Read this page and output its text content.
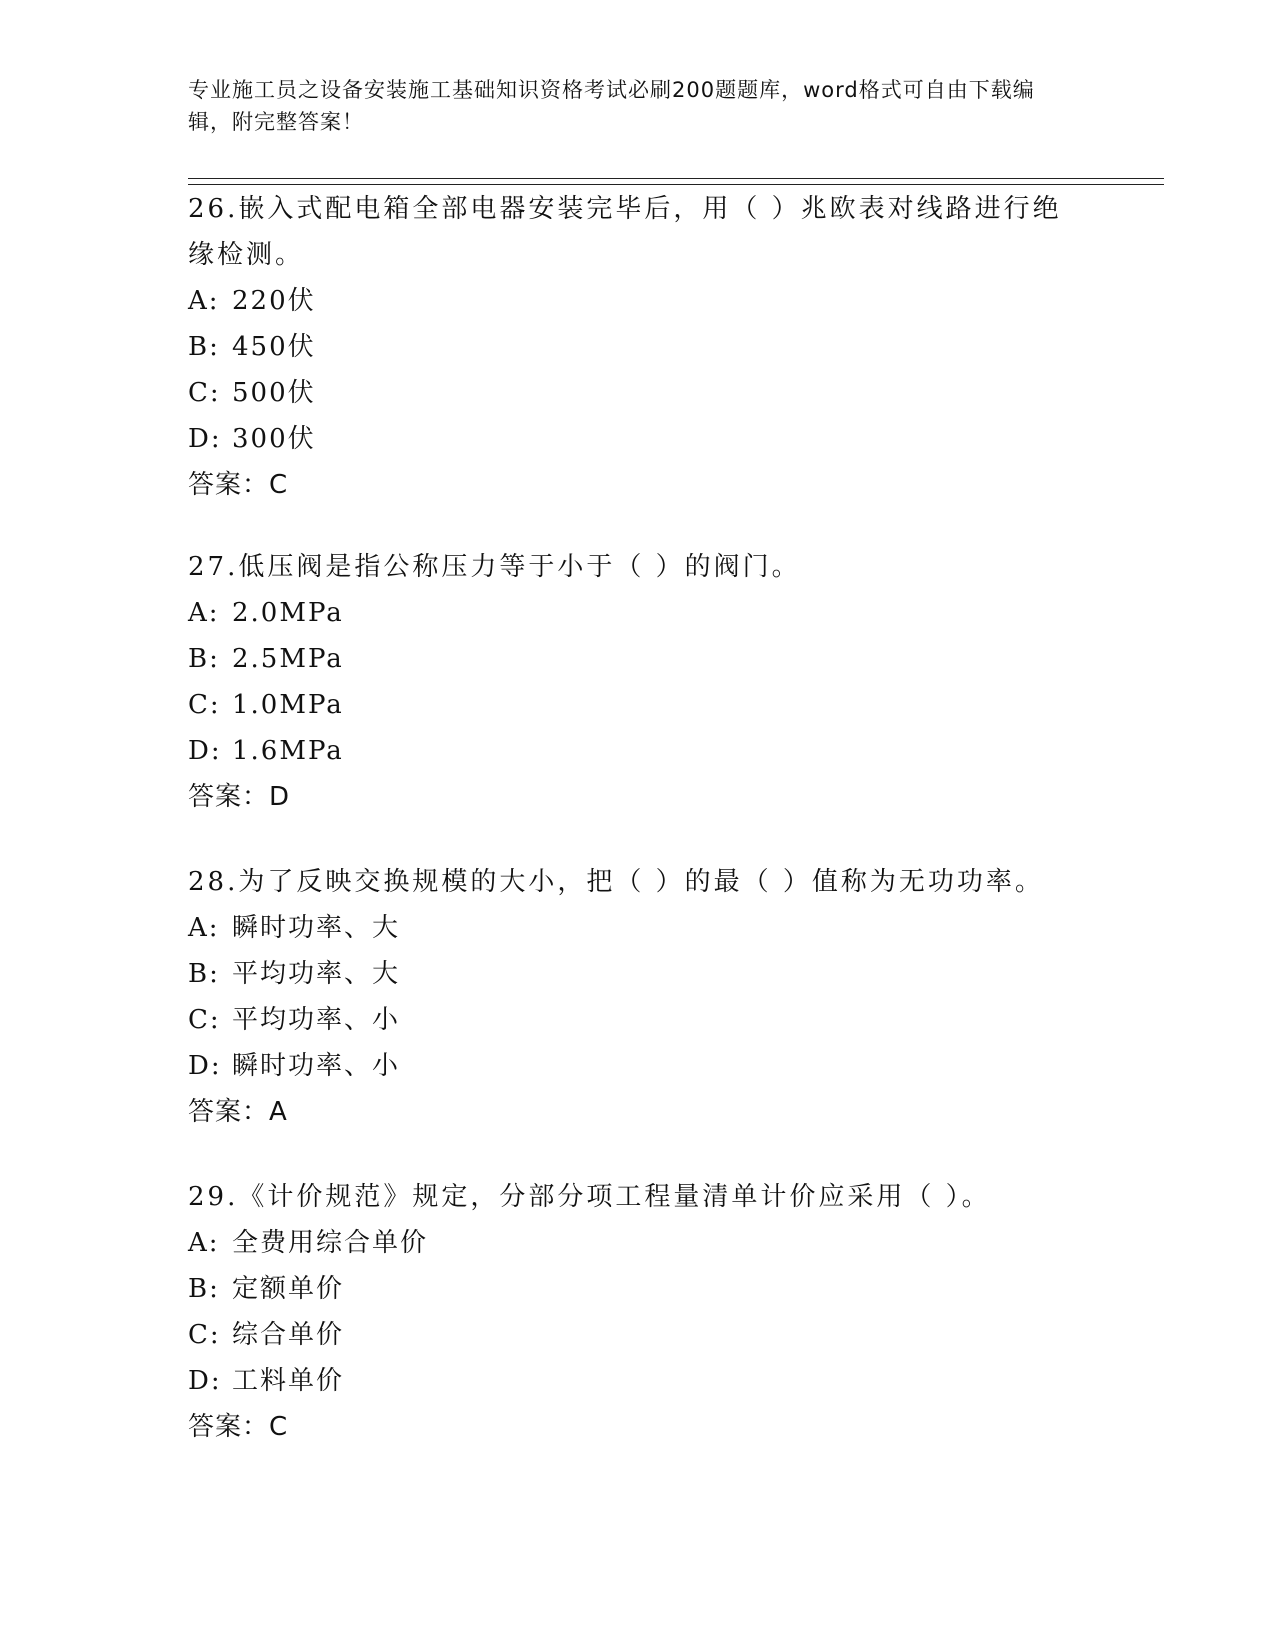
专业施工员之设备安装施工基础知识资格考试必刷200题题库，word格式可自由下载编辑，附完整答案！

26.嵌入式配电箱全部电器安装完毕后，用（ ）兆欧表对线路进行绝缘检测。

A: 220伏

B: 450伏

C: 500伏

D: 300伏

答案：C

27.低压阀是指公称压力等于小于（ ）的阀门。

A: 2.0MPa

B: 2.5MPa

C: 1.0MPa

D: 1.6MPa

答案：D

28.为了反映交换规模的大小，把（ ）的最（ ）值称为无功功率。

A: 瞬时功率、大

B: 平均功率、大

C: 平均功率、小

D: 瞬时功率、小

答案：A

29.《计价规范》规定，分部分项工程量清单计价应采用（ ）。

A: 全费用综合单价

B: 定额单价

C: 综合单价

D: 工料单价

答案：C
